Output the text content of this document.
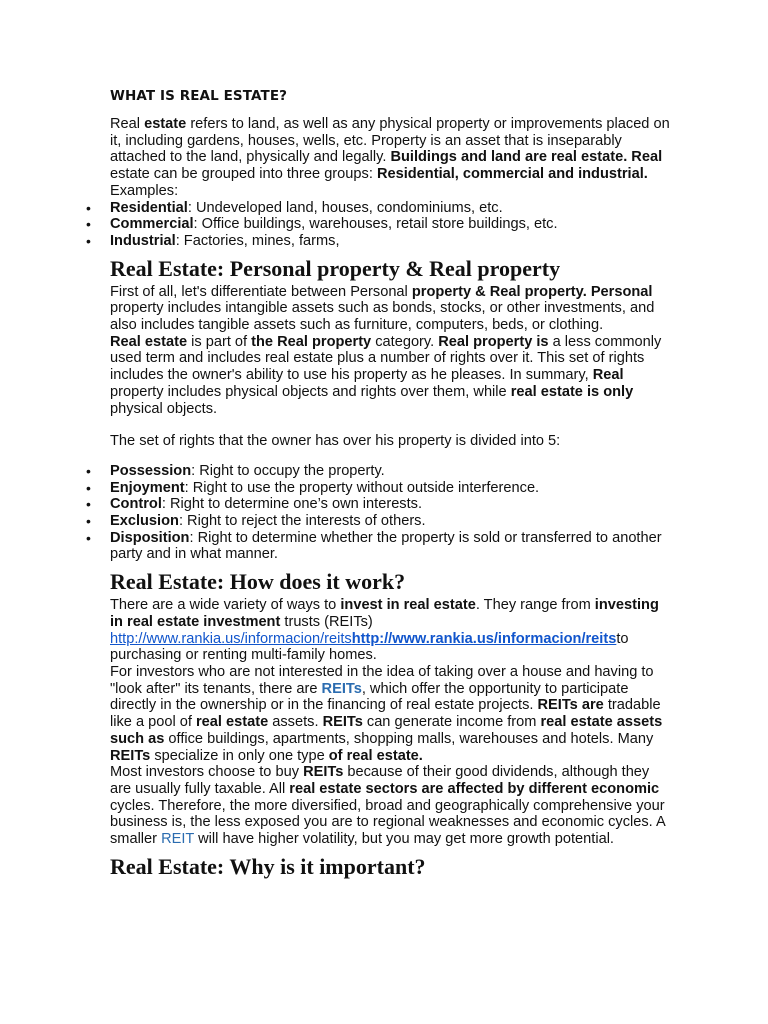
WHAT IS REAL ESTATE?

Real estate refers to land, as well as any physical property or improvements placed on it, including gardens, houses, wells, etc. Property is an asset that is inseparably attached to the land, physically and legally. Buildings and land are real estate. Real estate can be grouped into three groups: Residential, commercial and industrial. Examples:

• Residential: Undeveloped land, houses, condominiums, etc.
• Commercial: Office buildings, warehouses, retail store buildings, etc.
• Industrial: Factories, mines, farms,
Real Estate: Personal property & Real property

First of all, let's differentiate between Personal property & Real property. Personal property includes intangible assets such as bonds, stocks, or other investments, and also includes tangible assets such as furniture, computers, beds, or clothing.

Real estate is part of the Real property category. Real property is a less commonly used term and includes real estate plus a number of rights over it. This set of rights includes the owner's ability to use his property as he pleases. In summary, Real property includes physical objects and rights over them, while real estate is only physical objects.

The set of rights that the owner has over his property is divided into 5:

• Possession: Right to occupy the property.
• Enjoyment: Right to use the property without outside interference.
• Control: Right to determine one’s own interests.
• Exclusion: Right to reject the interests of others.
• Disposition: Right to determine whether the property is sold or transferred to another party and in what manner.
Real Estate: How does it work?

There are a wide variety of ways to invest in real estate. They range from investing in real estate investment trusts (REITs) http://www.rankia.us/informacion/reitshttp://www.rankia.us/informacion/reitsto purchasing or renting multi-family homes.

For investors who are not interested in the idea of taking over a house and having to "look after" its tenants, there are REITs, which offer the opportunity to participate directly in the ownership or in the financing of real estate projects. REITs are tradable like a pool of real estate assets. REITs can generate income from real estate assets such as office buildings, apartments, shopping malls, warehouses and hotels. Many REITs specialize in only one type of real estate.

Most investors choose to buy REITs because of their good dividends, although they are usually fully taxable. All real estate sectors are affected by different economic cycles. Therefore, the more diversified, broad and geographically comprehensive your business is, the less exposed you are to regional weaknesses and economic cycles. A smaller REIT will have higher volatility, but you may get more growth potential.

Real Estate: Why is it important?
